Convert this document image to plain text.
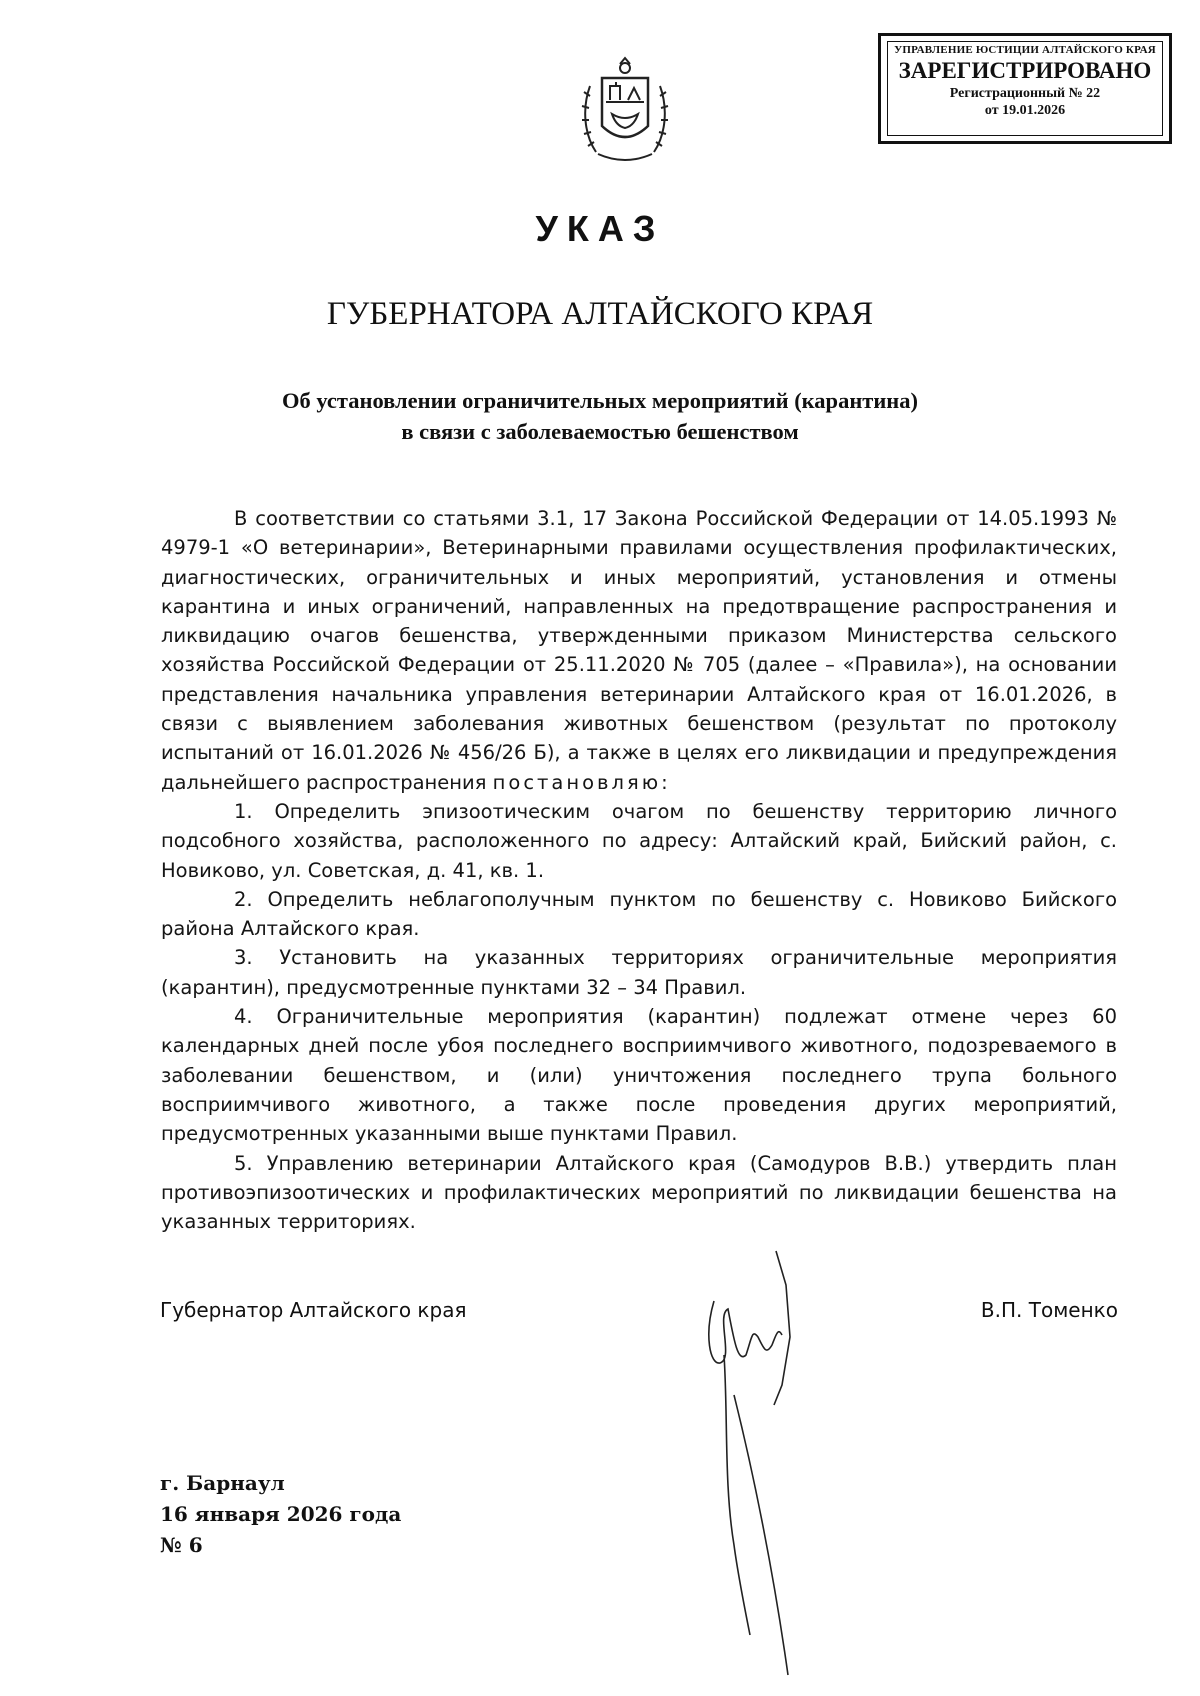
УПРАВЛЕНИЕ ЮСТИЦИИ АЛТАЙСКОГО КРАЯ
ЗАРЕГИСТРИРОВАНО
Регистрационный № 22
от 19.01.2026
УКАЗ
ГУБЕРНАТОРА АЛТАЙСКОГО КРАЯ
Об установлении ограничительных мероприятий (карантина)
в связи с заболеваемостью бешенством

В соответствии со статьями 3.1, 17 Закона Российской Федерации от 14.05.1993 № 4979-1 «О ветеринарии», Ветеринарными правилами осуществления профилактических, диагностических, ограничительных и иных мероприятий, установления и отмены карантина и иных ограничений, направленных на предотвращение распространения и ликвидацию очагов бешенства, утвержденными приказом Министерства сельского хозяйства Российской Федерации от 25.11.2020 № 705 (далее – «Правила»), на основании представления начальника управления ветеринарии Алтайского края от 16.01.2026, в связи с выявлением заболевания животных бешенством (результат по протоколу испытаний от 16.01.2026 № 456/26 Б), а также в целях его ликвидации и предупреждения дальнейшего распространения постановляю:

1. Определить эпизоотическим очагом по бешенству территорию личного подсобного хозяйства, расположенного по адресу: Алтайский край, Бийский район, с. Новиково, ул. Советская, д. 41, кв. 1.

2. Определить неблагополучным пунктом по бешенству с. Новиково Бийского района Алтайского края.

3. Установить на указанных территориях ограничительные мероприятия (карантин), предусмотренные пунктами 32 – 34 Правил.

4. Ограничительные мероприятия (карантин) подлежат отмене через 60 календарных дней после убоя последнего восприимчивого животного, подозреваемого в заболевании бешенством, и (или) уничтожения последнего трупа больного восприимчивого животного, а также после проведения других мероприятий, предусмотренных указанными выше пунктами Правил.

5. Управлению ветеринарии Алтайского края (Самодуров В.В.) утвердить план противоэпизоотических и профилактических мероприятий по ликвидации бешенства на указанных территориях.

Губернатор Алтайского края	В.П. Томенко
г. Барнаул
16 января 2026 года
№ 6
